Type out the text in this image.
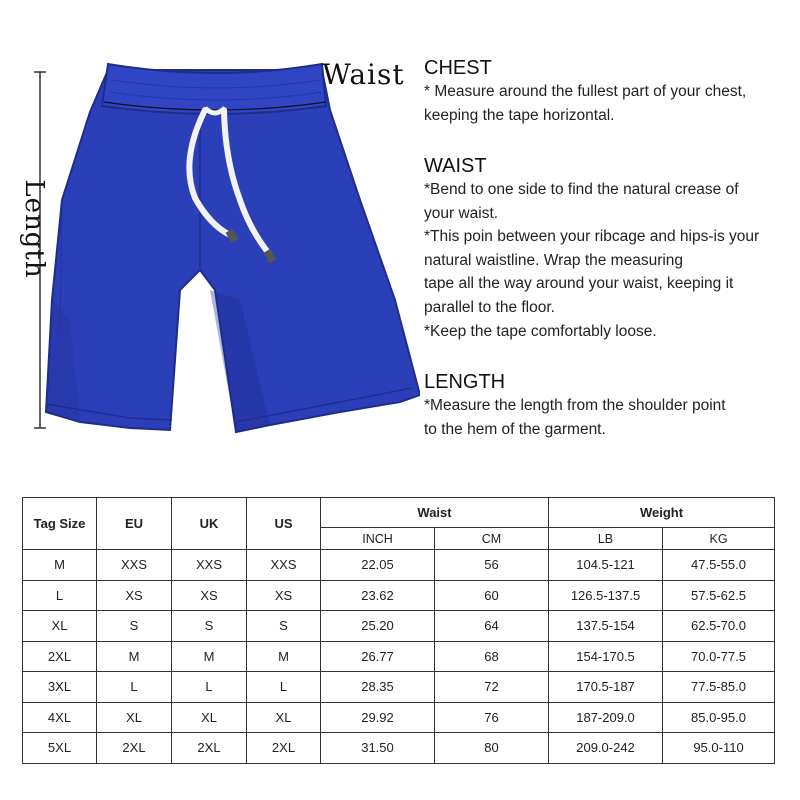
Waist
Length
CHEST

* Measure around the fullest part of your chest,

keeping the tape horizontal.

WAIST

*Bend to one side to find the natural crease of

your waist.

*This poin between your ribcage and hips-is your

natural waistline. Wrap the measuring

tape all the way around your waist, keeping it

parallel to the floor.

*Keep the tape comfortably loose.

LENGTH

*Measure the length from the shoulder point

to the hem of the garment.

Tag Size	EU	UK	US	Waist		Weight	
				INCH	CM	LB	KG
M	XXS	XXS	XXS	22.05	56	104.5-121	47.5-55.0
L	XS	XS	XS	23.62	60	126.5-137.5	57.5-62.5
XL	S	S	S	25.20	64	137.5-154	62.5-70.0
2XL	M	M	M	26.77	68	154-170.5	70.0-77.5
3XL	L	L	L	28.35	72	170.5-187	77.5-85.0
4XL	XL	XL	XL	29.92	76	187-209.0	85.0-95.0
5XL	2XL	2XL	2XL	31.50	80	209.0-242	95.0-110
